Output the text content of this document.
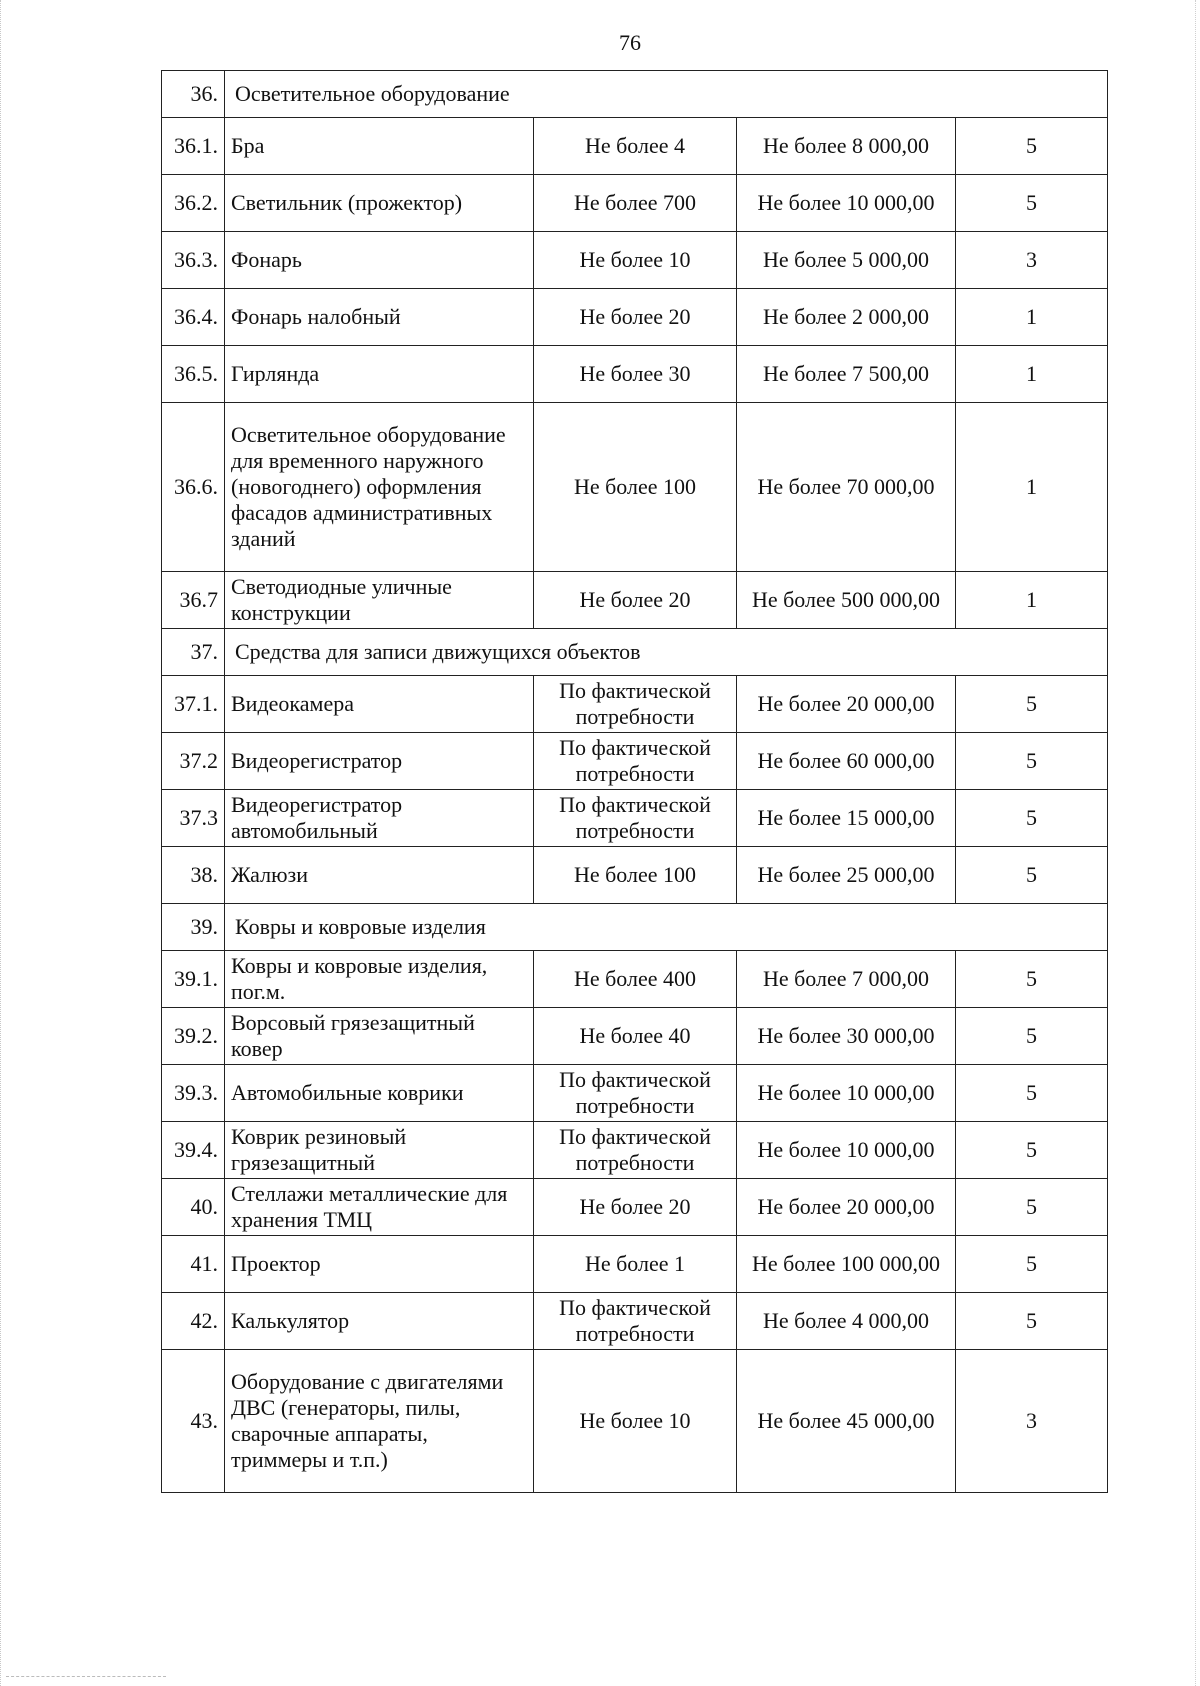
76
36.	Осветительное оборудование			
36.1.	Бра	Не более 4	Не более 8 000,00	5
36.2.	Светильник (прожектор)	Не более 700	Не более 10 000,00	5
36.3.	Фонарь	Не более 10	Не более 5 000,00	3
36.4.	Фонарь налобный	Не более 20	Не более 2 000,00	1
36.5.	Гирлянда	Не более 30	Не более 7 500,00	1
36.6.	Осветительное оборудование для временного наружного (новогоднего) оформления фасадов административных зданий	Не более 100	Не более 70 000,00	1
36.7	Светодиодные уличные конструкции	Не более 20	Не более 500 000,00	1
37.	Средства для записи движущихся объектов			
37.1.	Видеокамера	По фактической потребности	Не более 20 000,00	5
37.2	Видеорегистратор	По фактической потребности	Не более 60 000,00	5
37.3	Видеорегистратор автомобильный	По фактической потребности	Не более 15 000,00	5
38.	Жалюзи	Не более 100	Не более 25 000,00	5
39.	Ковры и ковровые изделия			
39.1.	Ковры и ковровые изделия, пог.м.	Не более 400	Не более 7 000,00	5
39.2.	Ворсовый грязезащитный ковер	Не более 40	Не более 30 000,00	5
39.3.	Автомобильные коврики	По фактической потребности	Не более 10 000,00	5
39.4.	Коврик резиновый грязезащитный	По фактической потребности	Не более 10 000,00	5
40.	Стеллажи металлические для хранения ТМЦ	Не более 20	Не более 20 000,00	5
41.	Проектор	Не более 1	Не более 100 000,00	5
42.	Калькулятор	По фактической потребности	Не более 4 000,00	5
43.	Оборудование с двигателями ДВС (генераторы, пилы, сварочные аппараты, триммеры и т.п.)	Не более 10	Не более 45 000,00	3
